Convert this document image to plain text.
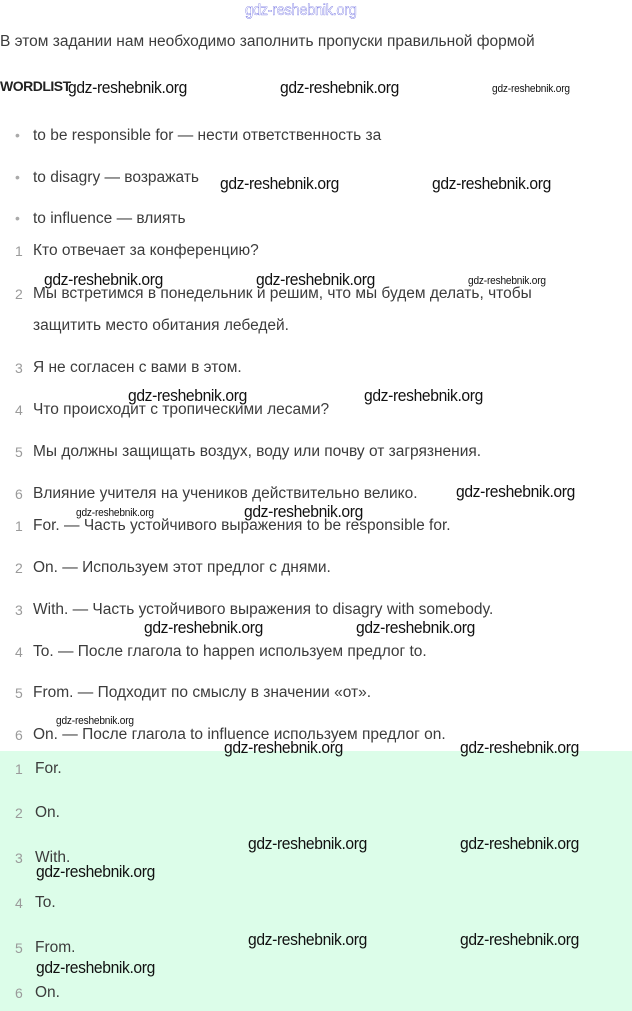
В этом задании нам необходимо заполнить пропуски правильной формой
WORDLIST
• to be responsible for — нести ответственность за
• to disagry — возражать
• to influence — влиять
1 Кто отвечает за конференцию?
2 Мы встретимся в понедельник и решим, что мы будем делать, чтобы
защитить место обитания лебедей.
3 Я не согласен с вами в этом.
4 Что происходит с тропическими лесами?
5 Мы должны защищать воздух, воду или почву от загрязнения.
6 Влияние учителя на учеников действительно велико.
1 For. — Часть устойчивого выражения to be responsible for.
2 On. — Используем этот предлог с днями.
3 With. — Часть устойчивого выражения to disagry with somebody.
4 To. — После глагола to happen используем предлог to.
5 From. — Подходит по смыслу в значении «от».
6 On. — После глагола to influence используем предлог on.
1 For.
2 On.
3 With.
4 To.
5 From.
6 On.
gdz-reshebnik.org
gdz-reshebnik.org	gdz-reshebnik.org	gdz-reshebnik.org
gdz-reshebnik.org	gdz-reshebnik.org
gdz-reshebnik.org	gdz-reshebnik.org	gdz-reshebnik.org
gdz-reshebnik.org	gdz-reshebnik.org
gdz-reshebnik.org
gdz-reshebnik.org	gdz-reshebnik.org
gdz-reshebnik.org	gdz-reshebnik.org
gdz-reshebnik.org
gdz-reshebnik.org	gdz-reshebnik.org
gdz-reshebnik.org	gdz-reshebnik.org
gdz-reshebnik.org
gdz-reshebnik.org	gdz-reshebnik.org
gdz-reshebnik.org
